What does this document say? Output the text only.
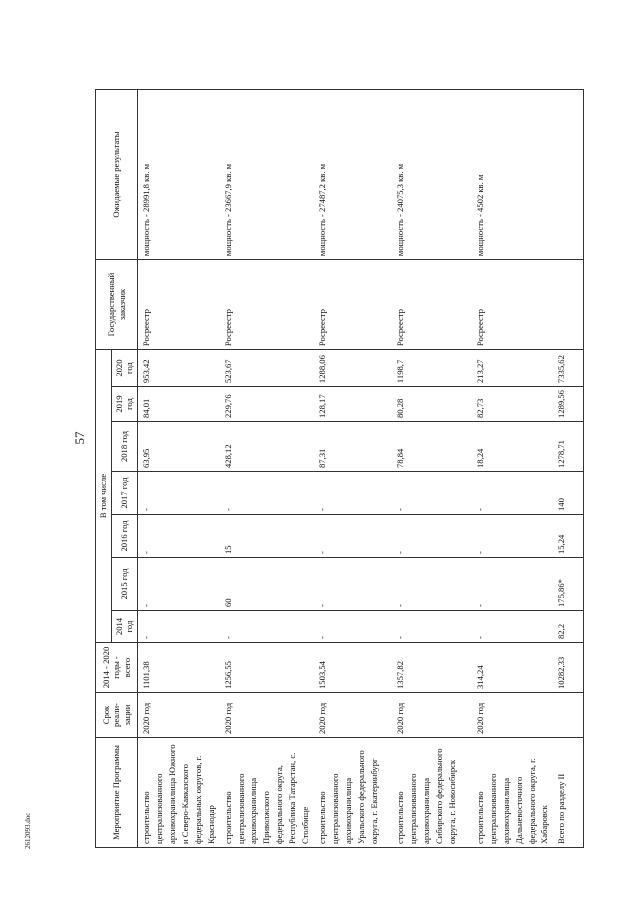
57
Мероприятие Программы	Срок реали-зации	2014 - 2020 годы - всего	В том числе							Государственный заказчик	Ожидаемые результаты
			2014 год	2015 год	2016 год	2017 год	2018 год	2019 год	2020 год		
строительство централизованного архивохранилища Южного и Северо-Кавказского федеральных округов, г. Краснодар	2020 год	1101,38	-	-	-	-	63,95	84,01	953,42	Росреестр	мощность - 28991,8 кв. м
строительство централизованного архивохранилища Приволжского федерального округа, Республика Татарстан, с. Столбище	2020 год	1256,55	-	60	15	-	428,12	229,76	523,67	Росреестр	мощность - 23667,9 кв. м
строительство централизованного архивохранилища Уральского федерального округа, г. Екатеринбург	2020 год	1503,54	-	-	-	-	87,31	128,17	1288,06	Росреестр	мощность - 27487,2 кв. м
строительство централизованного архивохранилища Сибирского федерального округа, г. Новосибирск	2020 год	1357,82	-	-	-	-	78,84	80,28	1198,7	Росреестр	мощность - 24075,3 кв. м
строительство централизованного архивохранилища Дальневосточного федерального округа, г. Хабаровск	2020 год	314,24	-	-	-	-	18,24	82,73	213,27	Росреестр	мощность - 4502 кв. м
Всего по разделу II		10282,33	82,2	175,86*	15,24	140	1278,71	1289,56	7335,62		
2612093.doc
